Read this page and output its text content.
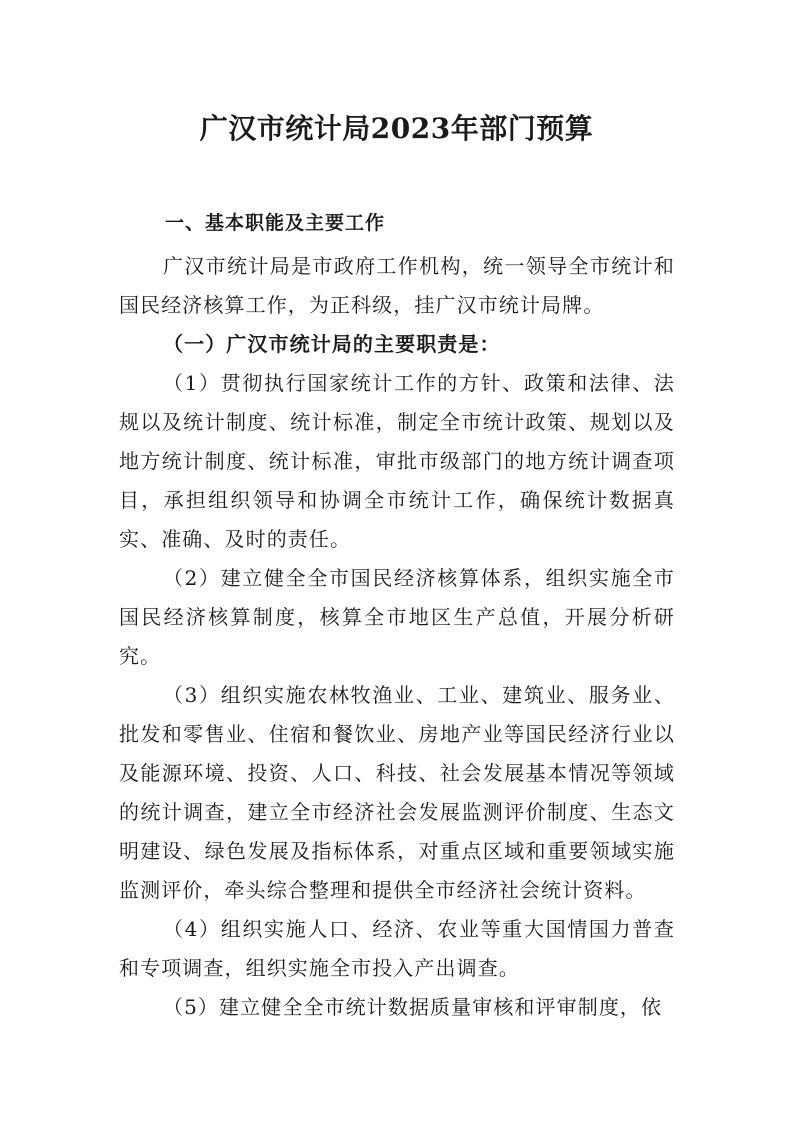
广汉市统计局2023年部门预算
一、基本职能及主要工作

广汉市统计局是市政府工作机构，统一领导全市统计和国民经济核算工作，为正科级，挂广汉市统计局牌。

（一）广汉市统计局的主要职责是：

（1）贯彻执行国家统计工作的方针、政策和法律、法规以及统计制度、统计标准，制定全市统计政策、规划以及地方统计制度、统计标准，审批市级部门的地方统计调查项目，承担组织领导和协调全市统计工作，确保统计数据真实、准确、及时的责任。

（2）建立健全全市国民经济核算体系，组织实施全市国民经济核算制度，核算全市地区生产总值，开展分析研究。

（3）组织实施农林牧渔业、工业、建筑业、服务业、批发和零售业、住宿和餐饮业、房地产业等国民经济行业以及能源环境、投资、人口、科技、社会发展基本情况等领域的统计调查，建立全市经济社会发展监测评价制度、生态文明建设、绿色发展及指标体系，对重点区域和重要领域实施监测评价，牵头综合整理和提供全市经济社会统计资料。

（4）组织实施人口、经济、农业等重大国情国力普查和专项调查，组织实施全市投入产出调查。

（5）建立健全全市统计数据质量审核和评审制度，依
